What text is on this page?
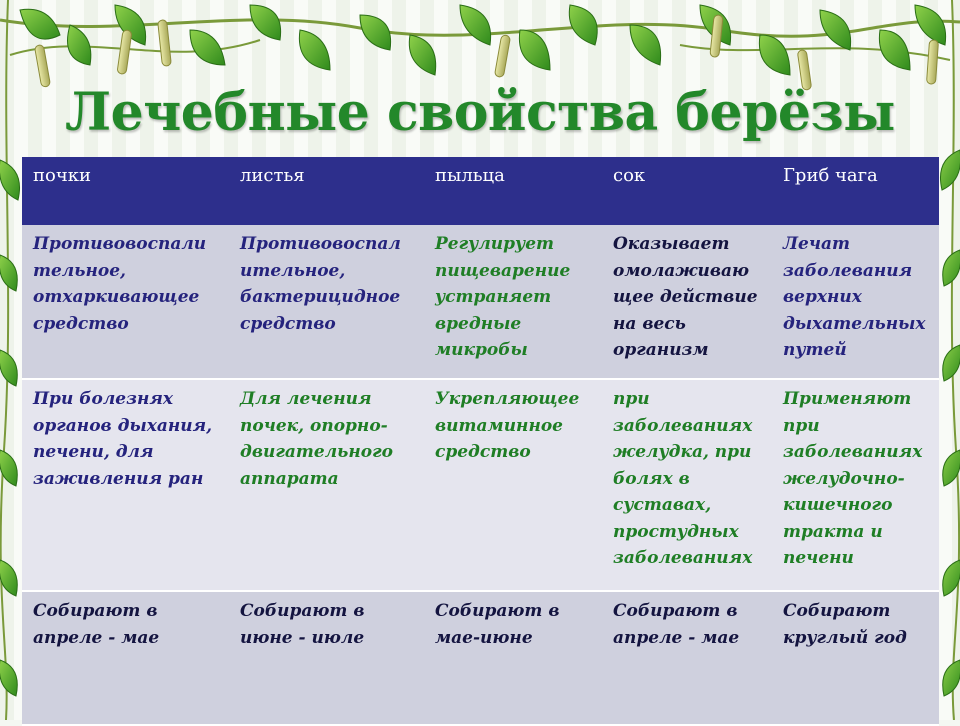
Лечебные свойства берёзы
почки	листья	пыльца	сок	Гриб чага
Противовоспали тельное, отхаркивающее средство	Противовоспал ительное, бактерицидное средство	Регулирует пищеварение устраняет вредные микробы	Оказывает омолаживаю щее действие на весь организм	Лечат заболевания верхних дыхательных путей
При болезнях органов дыхания, печени, для заживления ран	Для лечения почек, опорно-двигательного аппарата	Укрепляющее витаминное средство	при заболеваниях желудка, при болях в суставах, простудных заболеваниях	Применяют при заболеваниях желудочно-кишечного тракта и печени
Собирают в апреле - мае	Собирают в июне - июле	Собирают в мае-июне	Собирают в апреле - мае	Собирают круглый год
